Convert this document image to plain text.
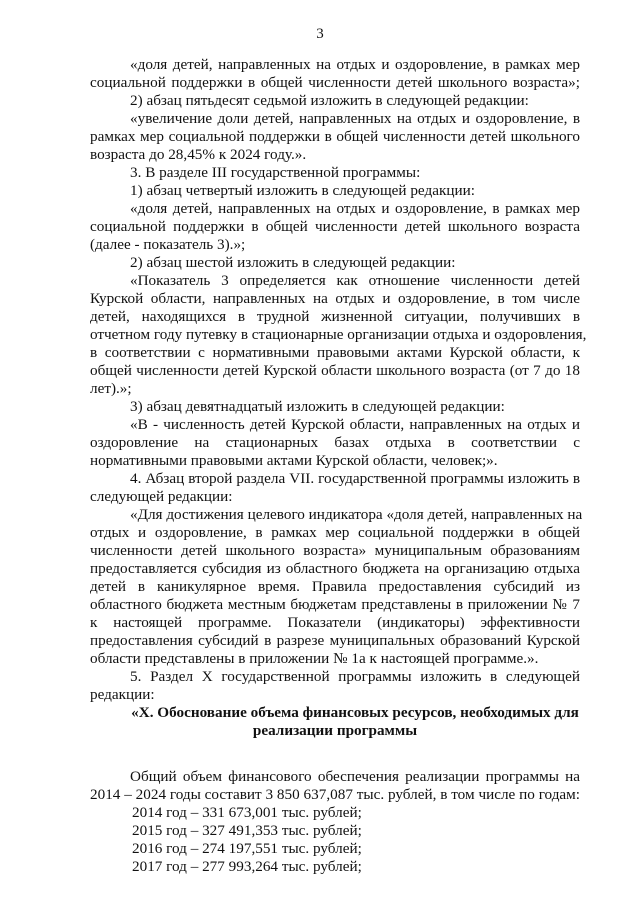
3
«доля детей, направленных на отдых и оздоровление, в рамках мер
социальной поддержки в общей численности детей школьного возраста»;
2) абзац пятьдесят седьмой изложить в следующей редакции:
«увеличение доли детей, направленных на отдых и оздоровление, в
рамках мер социальной поддержки в общей численности детей школьного
возраста до 28,45% к 2024 году.».
3. В разделе III государственной программы:
1) абзац четвертый изложить в следующей редакции:
«доля детей, направленных на отдых и оздоровление, в рамках мер
социальной поддержки в общей численности детей школьного возраста
(далее - показатель 3).»;
2) абзац шестой изложить в следующей редакции:
«Показатель 3 определяется как отношение численности детей
Курской области, направленных на отдых и оздоровление, в том числе
детей, находящихся в трудной жизненной ситуации, получивших в
отчетном году путевку в стационарные организации отдыха и оздоровления,
в соответствии с нормативными правовыми актами Курской области, к
общей численности детей Курской области школьного возраста (от 7 до 18
лет).»;
3) абзац девятнадцатый изложить в следующей редакции:
«В - численность детей Курской области, направленных на отдых и
оздоровление на стационарных базах отдыха в соответствии с
нормативными правовыми актами Курской области, человек;».
4. Абзац второй раздела VII. государственной программы изложить в
следующей редакции:
«Для достижения целевого индикатора «доля детей, направленных на
отдых и оздоровление, в рамках мер социальной поддержки в общей
численности детей школьного возраста» муниципальным образованиям
предоставляется субсидия из областного бюджета на организацию отдыха
детей в каникулярное время. Правила предоставления субсидий из
областного бюджета местным бюджетам представлены в приложении № 7
к настоящей программе. Показатели (индикаторы) эффективности
предоставления субсидий в разрезе муниципальных образований Курской
области представлены в приложении № 1а к настоящей программе.».
5. Раздел X государственной программы изложить в следующей
редакции:
«X. Обоснование объема финансовых ресурсов, необходимых для
реализации программы
Общий объем финансового обеспечения реализации программы на
2014 – 2024 годы составит 3 850 637,087 тыс. рублей, в том числе по годам:
2014 год – 331 673,001 тыс. рублей;
2015 год – 327 491,353 тыс. рублей;
2016 год – 274 197,551 тыс. рублей;
2017 год – 277 993,264 тыс. рублей;
